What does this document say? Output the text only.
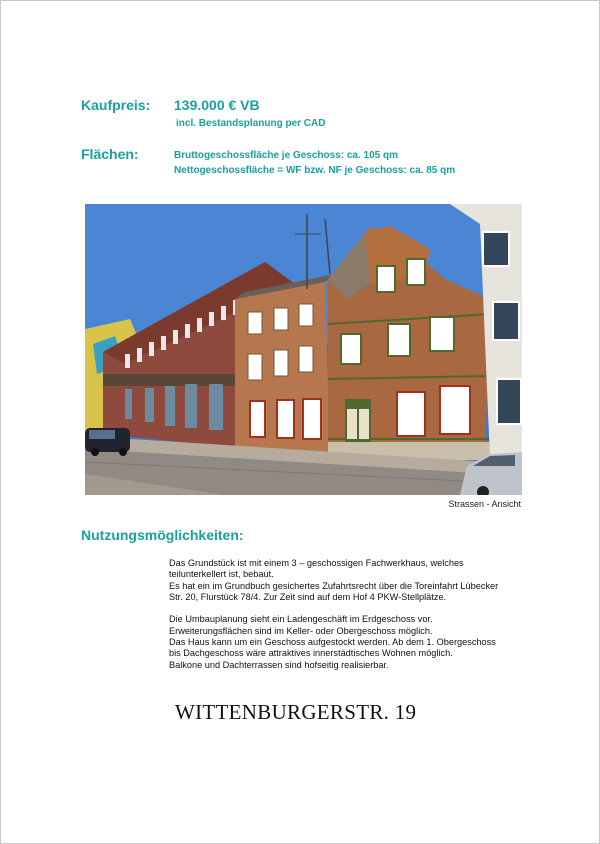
Kaufpreis: 139.000 € VB
incl. Bestandsplanung per CAD
Flächen:	Bruttogeschossfläche je Geschoss: ca. 105 qm
Nettogeschossfläche = WF bzw. NF je Geschoss: ca. 85 qm
Strassen - Ansicht
Nutzungsmöglichkeiten:

Das Grundstück ist mit einem 3 – geschossigen Fachwerkhaus, welches
teilunterkellert ist, bebaut.
Es hat ein im Grundbuch gesichertes Zufahrtsrecht über die Toreinfahrt Lübecker
Str. 20, Flurstück 78/4. Zur Zeit sind auf dem Hof 4 PKW-Stellplätze.

Die Umbauplanung sieht ein Ladengeschäft im Erdgeschoss vor.
Erweiterungsflächen sind im Keller- oder Obergeschoss möglich.
Das Haus kann um ein Geschoss aufgestockt werden. Ab dem 1. Obergeschoss
bis Dachgeschoss wäre attraktives innerstädtisches Wohnen möglich.
Balkone und Dachterrassen sind hofseitig realisierbar.

WITTENBURGERSTR. 19
